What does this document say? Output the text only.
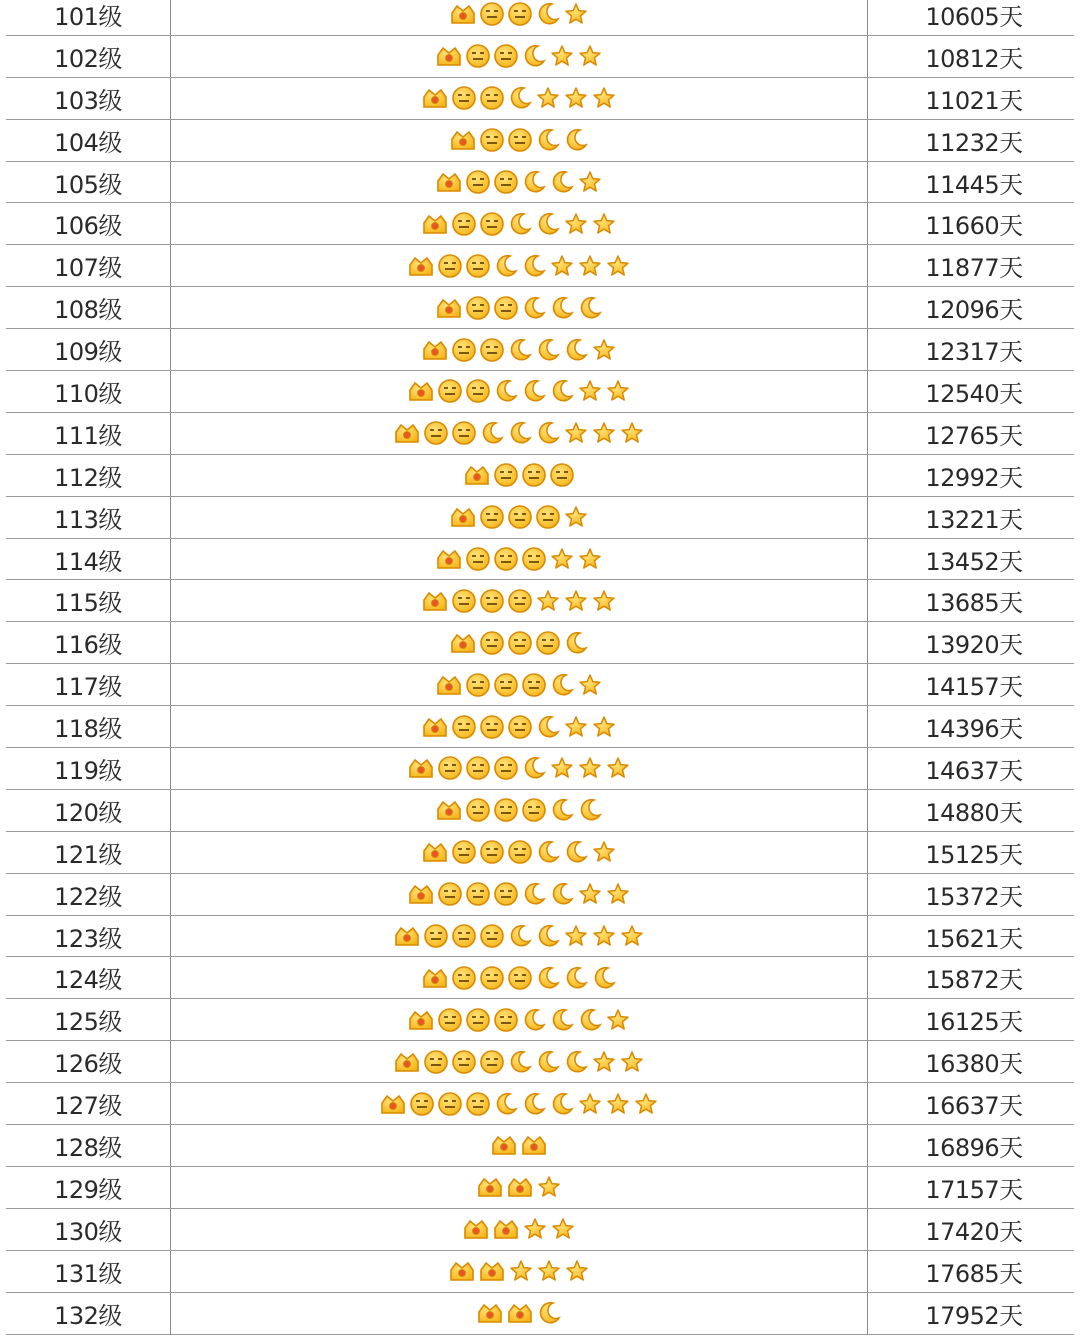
101级	10605天
102级	10812天
103级	11021天
104级	11232天
105级	11445天
106级	11660天
107级	11877天
108级	12096天
109级	12317天
110级	12540天
111级	12765天
112级	12992天
113级	13221天
114级	13452天
115级	13685天
116级	13920天
117级	14157天
118级	14396天
119级	14637天
120级	14880天
121级	15125天
122级	15372天
123级	15621天
124级	15872天
125级	16125天
126级	16380天
127级	16637天
128级	16896天
129级	17157天
130级	17420天
131级	17685天
132级	17952天
